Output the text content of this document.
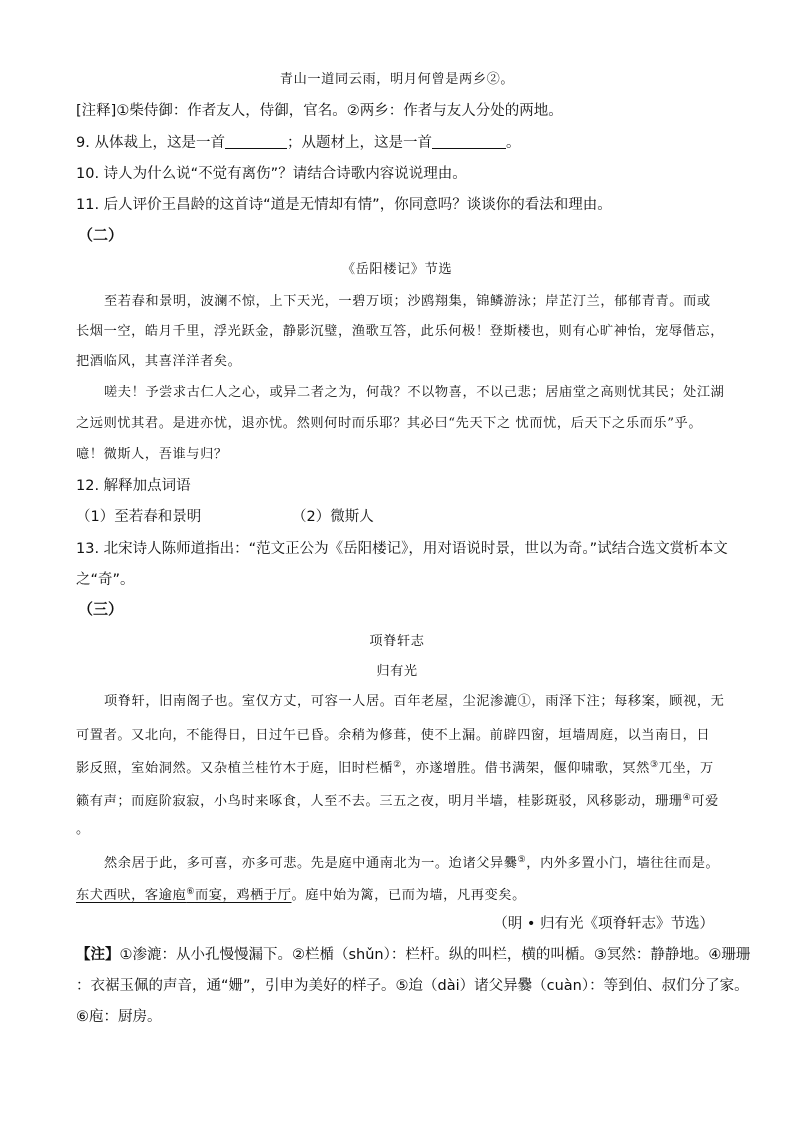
青山一道同云雨，明月何曾是两乡②。
[注释]①柴侍御：作者友人，侍御，官名。②两乡：作者与友人分处的两地。
9. 从体裁上，这是一首	；从题材上，这是一首	。
10. 诗人为什么说“不觉有离伤”？请结合诗歌内容说说理由。
11. 后人评价王昌龄的这首诗“道是无情却有情”，你同意吗？谈谈你的看法和理由。
（二）
《岳阳楼记》节选
至若春和景明，波澜不惊，上下天光，一碧万顷；沙鸥翔集，锦鳞游泳；岸芷汀兰，郁郁青青。而或
长烟一空，皓月千里，浮光跃金，静影沉璧，渔歌互答，此乐何极！登斯楼也，则有心旷神怡，宠辱偕忘，
把酒临风，其喜洋洋者矣。
嗟夫！予尝求古仁人之心，或异二者之为，何哉？不以物喜，不以己悲；居庙堂之高则忧其民；处江湖
之远则忧其君。是进亦忧，退亦忧。然则何时而乐耶？其必曰“先天下之 忧而忧，后天下之乐而乐”乎。
噫！微斯人，吾谁与归？
12. 解释加点词语
（1）至若春和景明	（2）微斯人
13. 北宋诗人陈师道指出：“范文正公为《岳阳楼记》，用对语说时景，世以为奇。”试结合选文赏析本文
之“奇”。
（三）
项脊轩志
归有光
项脊轩，旧南阁子也。室仅方丈，可容一人居。百年老屋，尘泥渗漉①，雨泽下注；每移案，顾视，无
可置者。又北向，不能得日，日过午已昏。余稍为修葺，使不上漏。前辟四窗，垣墙周庭，以当南日，日
影反照，室始洞然。又杂植兰桂竹木于庭，旧时栏楯②，亦遂增胜。借书满架，偃仰啸歌，冥然③兀坐，万
籁有声；而庭阶寂寂，小鸟时来啄食，人至不去。三五之夜，明月半墙，桂影斑驳，风移影动，珊珊④可爱
。
然余居于此，多可喜，亦多可悲。先是庭中通南北为一。迨诸父异爨⑤，内外多置小门，墙往往而是。
东犬西吠，客逾庖⑥而宴，鸡栖于厅。庭中始为篱，已而为墙，凡再变矣。
（明 • 归有光《项脊轩志》节选）
【注】①渗漉：从小孔慢慢漏下。②栏楯（shǔn）：栏杆。纵的叫栏，横的叫楯。③冥然：静静地。④珊珊
：衣裾玉佩的声音，通“姗”，引申为美好的样子。⑤迨（dài）诸父异爨（cuàn）：等到伯、叔们分了家。
⑥庖：厨房。
